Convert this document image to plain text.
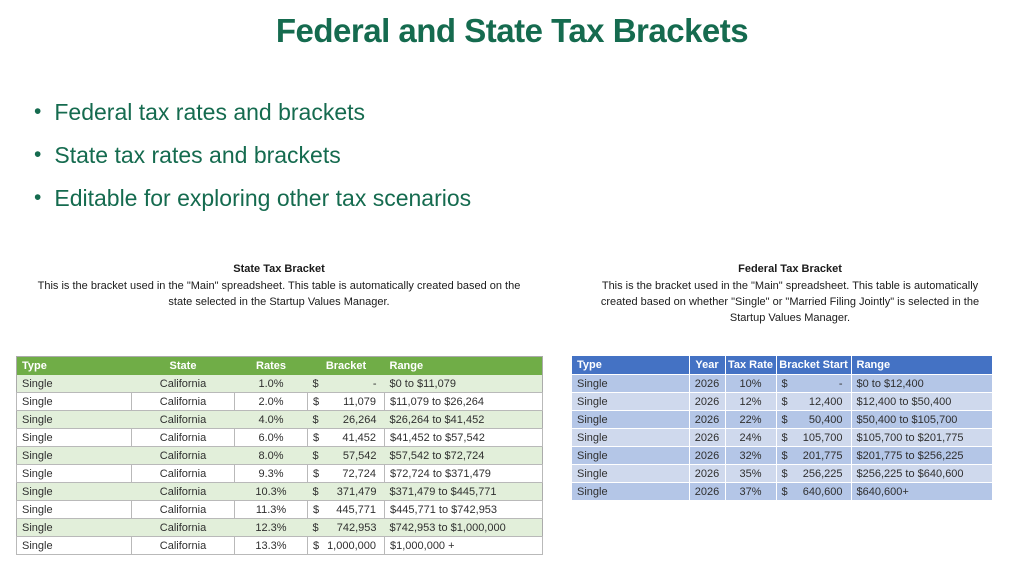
Federal and State Tax Brackets
• Federal tax rates and brackets
• State tax rates and brackets
• Editable for exploring other tax scenarios
State Tax Bracket
This is the bracket used in the "Main" spreadsheet. This table is automatically created based on the
state selected in the Startup Values Manager.
Federal Tax Bracket
This is the bracket used in the "Main" spreadsheet. This table is automatically
created based on whether "Single" or "Married Filing Jointly" is selected in the
Startup Values Manager.
Type	State	Rates	Bracket	Range
Single	California	1.0%	$ -	$0 to $11,079
Single	California	2.0%	$ 11,079	$11,079 to $26,264
Single	California	4.0%	$ 26,264	$26,264 to $41,452
Single	California	6.0%	$ 41,452	$41,452 to $57,542
Single	California	8.0%	$ 57,542	$57,542 to $72,724
Single	California	9.3%	$ 72,724	$72,724 to $371,479
Single	California	10.3%	$ 371,479	$371,479 to $445,771
Single	California	11.3%	$ 445,771	$445,771 to $742,953
Single	California	12.3%	$ 742,953	$742,953 to $1,000,000
Single	California	13.3%	$ 1,000,000	$1,000,000 +
Type	Year	Tax Rate	Bracket Start	Range
Single	2026	10%	$ -	$0 to $12,400
Single	2026	12%	$ 12,400	$12,400 to $50,400
Single	2026	22%	$ 50,400	$50,400 to $105,700
Single	2026	24%	$ 105,700	$105,700 to $201,775
Single	2026	32%	$ 201,775	$201,775 to $256,225
Single	2026	35%	$ 256,225	$256,225 to $640,600
Single	2026	37%	$ 640,600	$640,600+
